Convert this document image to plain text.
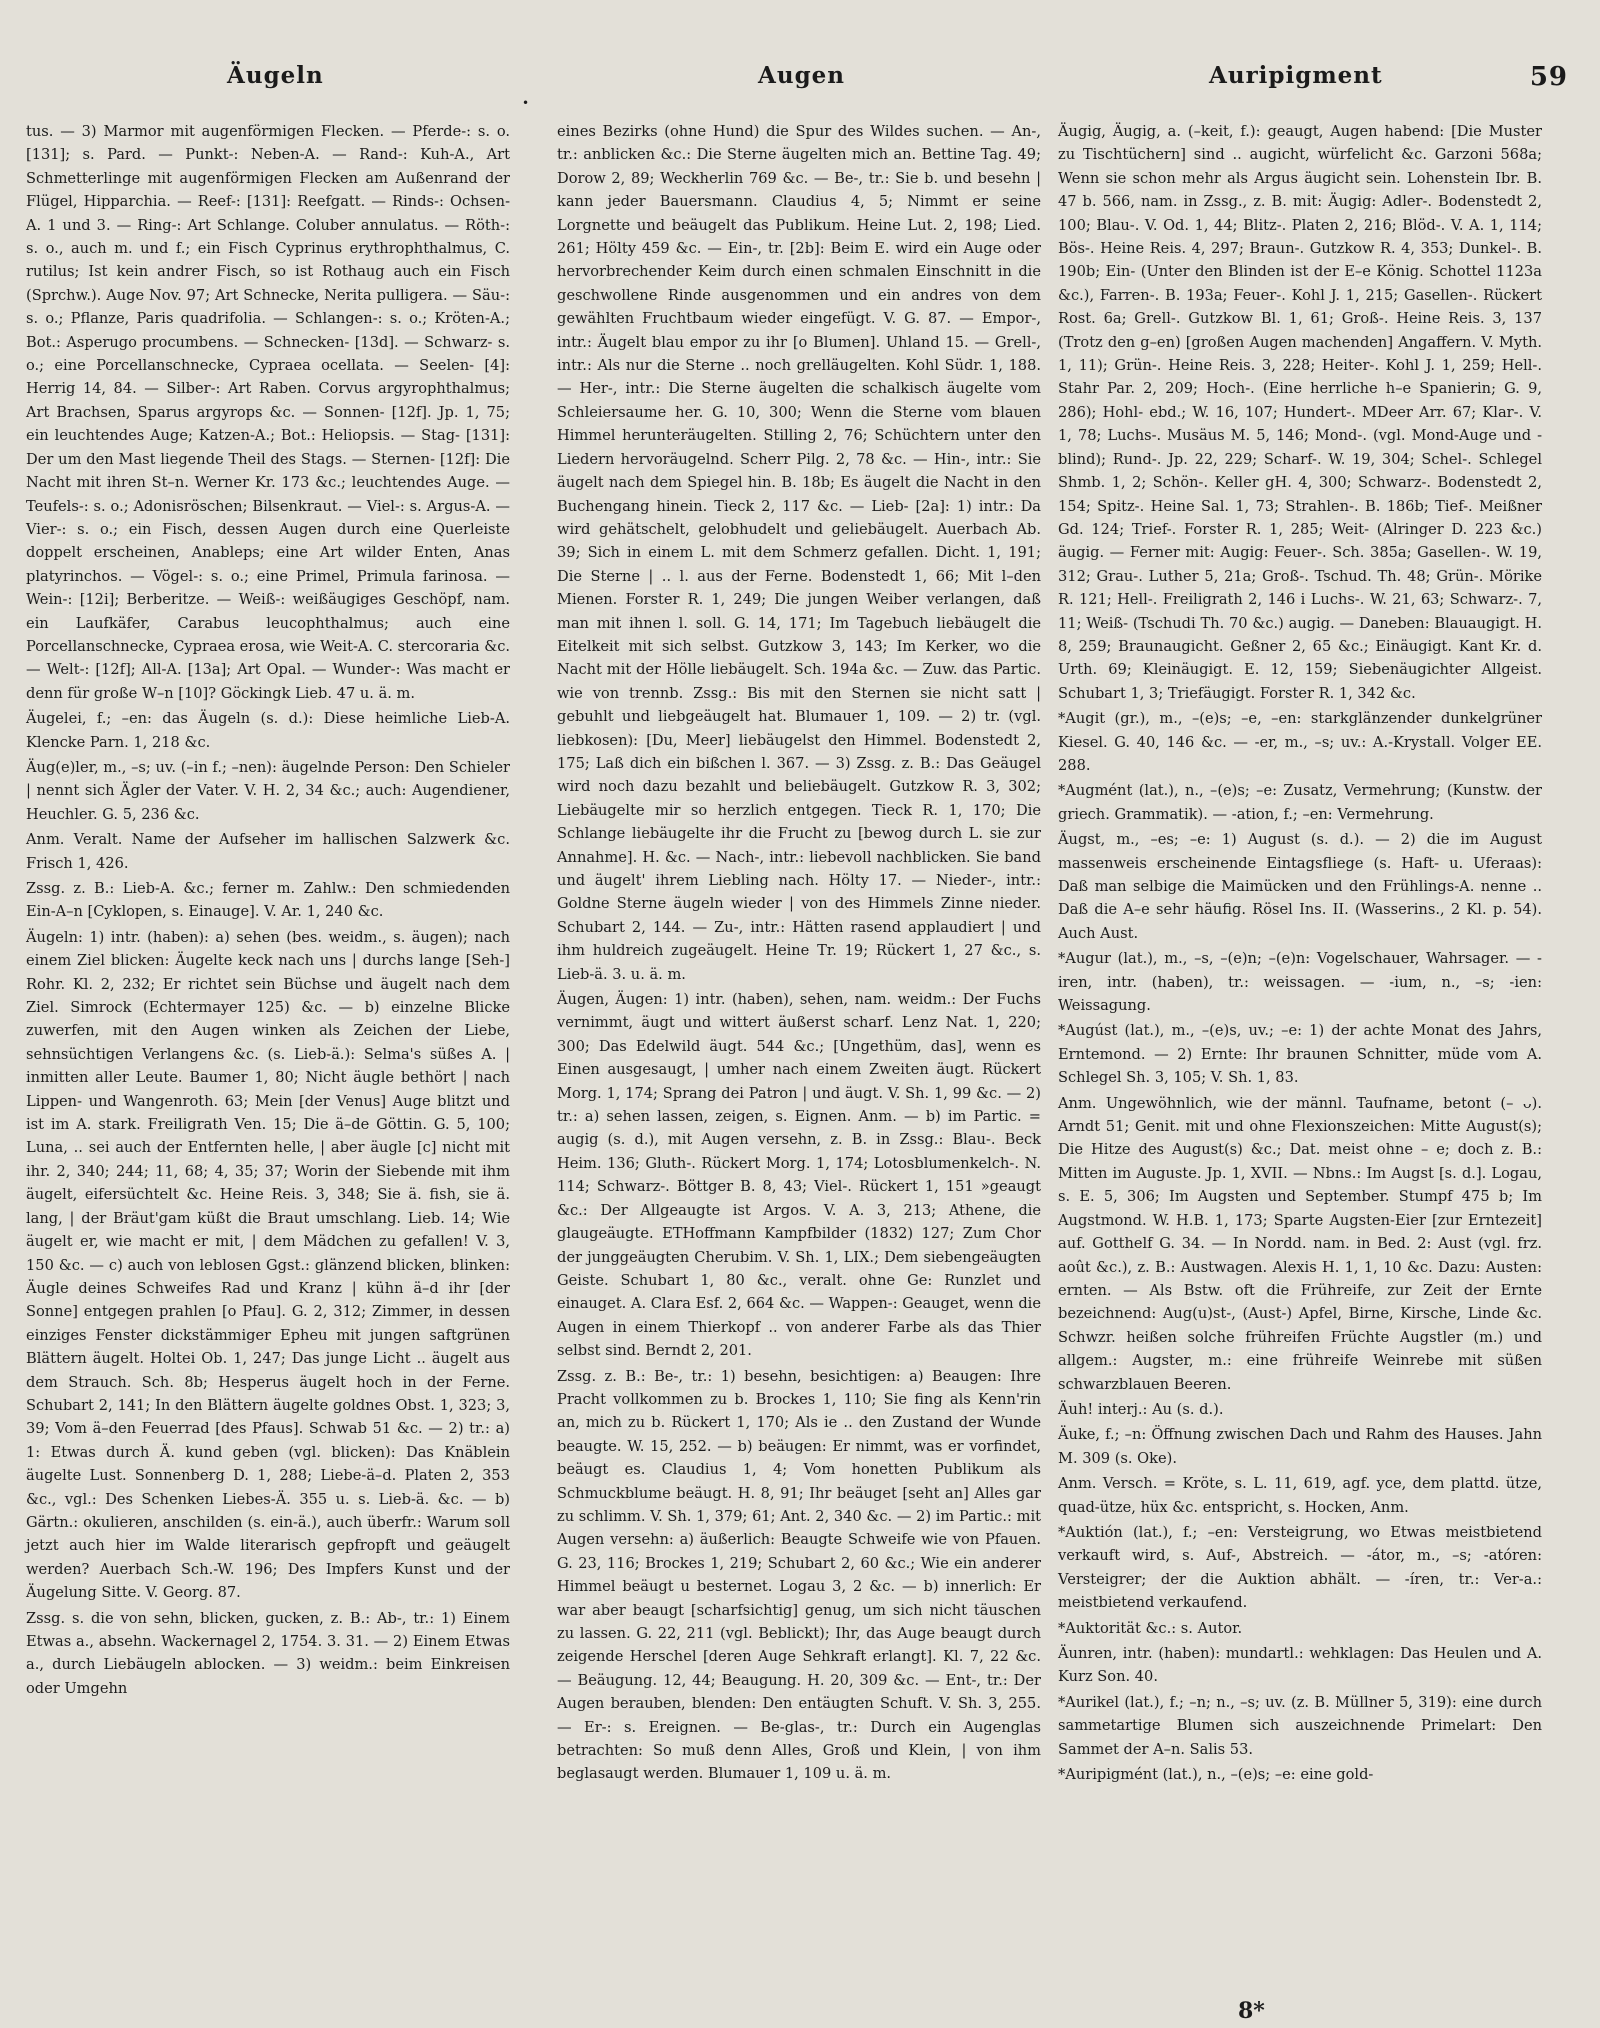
Äugeln	Augen	Auripigment	59
•

tus. — 3) Marmor mit augenförmigen Flecken. — Pferde-: s. o. [131]; s. Pard. — Punkt-: Neben-A. — Rand-: Kuh-A., Art Schmetterlinge mit augenförmigen Flecken am Außenrand der Flügel, Hipparchia. — Reef-: [131]: Reefgatt. — Rinds-: Ochsen-A. 1 und 3. — Ring-: Art Schlange. Coluber annulatus. — Röth-: s. o., auch m. und f.; ein Fisch Cyprinus erythrophthalmus, C. rutilus; Ist kein andrer Fisch, so ist Rothaug auch ein Fisch (Sprchw.). Auge Nov. 97; Art Schnecke, Nerita pulligera. — Säu-: s. o.; Pflanze, Paris quadrifolia. — Schlangen-: s. o.; Kröten-A.; Bot.: Asperugo procumbens. — Schnecken- [13d]. — Schwarz- s. o.; eine Porcellanschnecke, Cypraea ocellata. — Seelen- [4]: Herrig 14, 84. — Silber-: Art Raben. Corvus argyrophthalmus; Art Brachsen, Sparus argyrops &c. — Sonnen- [12f]. Jp. 1, 75; ein leuchtendes Auge; Katzen-A.; Bot.: Heliopsis. — Stag- [131]: Der um den Mast liegende Theil des Stags. — Sternen- [12f]: Die Nacht mit ihren St–n. Werner Kr. 173 &c.; leuchtendes Auge. — Teufels-: s. o.; Adonisröschen; Bilsenkraut. — Viel-: s. Argus-A. — Vier-: s. o.; ein Fisch, dessen Augen durch eine Querleiste doppelt erscheinen, Anableps; eine Art wilder Enten, Anas platyrinchos. — Vögel-: s. o.; eine Primel, Primula farinosa. — Wein-: [12i]; Berberitze. — Weiß-: weißäugiges Geschöpf, nam. ein Laufkäfer, Carabus leucophthalmus; auch eine Porcellanschnecke, Cypraea erosa, wie Weit-A. C. stercoraria &c. — Welt-: [12f]; All-A. [13a]; Art Opal. — Wunder-: Was macht er denn für große W–n [10]? Göckingk Lieb. 47 u. ä. m.

Äugelei, f.; –en: das Äugeln (s. d.): Diese heimliche Lieb-A. Klencke Parn. 1, 218 &c.

Äug(e)ler, m., –s; uv. (–in f.; –nen): äugelnde Person: Den Schieler | nennt sich Ägler der Vater. V. H. 2, 34 &c.; auch: Augendiener, Heuchler. G. 5, 236 &c.

Anm. Veralt. Name der Aufseher im hallischen Salzwerk &c. Frisch 1, 426.

Zssg. z. B.: Lieb-A. &c.; ferner m. Zahlw.: Den schmiedenden Ein-A–n [Cyklopen, s. Einauge]. V. Ar. 1, 240 &c.

Äugeln: 1) intr. (haben): a) sehen (bes. weidm., s. äugen); nach einem Ziel blicken: Äugelte keck nach uns | durchs lange [Seh-] Rohr. Kl. 2, 232; Er richtet sein Büchse und äugelt nach dem Ziel. Simrock (Echtermayer 125) &c. — b) einzelne Blicke zuwerfen, mit den Augen winken als Zeichen der Liebe, sehnsüchtigen Verlangens &c. (s. Lieb-ä.): Selma's süßes A. | inmitten aller Leute. Baumer 1, 80; Nicht äugle bethört | nach Lippen- und Wangenroth. 63; Mein [der Venus] Auge blitzt und ist im A. stark. Freiligrath Ven. 15; Die ä–de Göttin. G. 5, 100; Luna, .. sei auch der Entfernten helle, | aber äugle [c] nicht mit ihr. 2, 340; 244; 11, 68; 4, 35; 37; Worin der Siebende mit ihm äugelt, eifersüchtelt &c. Heine Reis. 3, 348; Sie ä. fish, sie ä. lang, | der Bräut'gam küßt die Braut umschlang. Lieb. 14; Wie äugelt er, wie macht er mit, | dem Mädchen zu gefallen! V. 3, 150 &c. — c) auch von leblosen Ggst.: glänzend blicken, blinken: Äugle deines Schweifes Rad und Kranz | kühn ä–d ihr [der Sonne] entgegen prahlen [o Pfau]. G. 2, 312; Zimmer, in dessen einziges Fenster dickstämmiger Epheu mit jungen saftgrünen Blättern äugelt. Holtei Ob. 1, 247; Das junge Licht .. äugelt aus dem Strauch. Sch. 8b; Hesperus äugelt hoch in der Ferne. Schubart 2, 141; In den Blättern äugelte goldnes Obst. 1, 323; 3, 39; Vom ä–den Feuerrad [des Pfaus]. Schwab 51 &c. — 2) tr.: a) 1: Etwas durch Ä. kund geben (vgl. blicken): Das Knäblein äugelte Lust. Sonnenberg D. 1, 288; Liebe-ä–d. Platen 2, 353 &c., vgl.: Des Schenken Liebes-Ä. 355 u. s. Lieb-ä. &c. — b) Gärtn.: okulieren, anschilden (s. ein-ä.), auch überfr.: Warum soll jetzt auch hier im Walde literarisch gepfropft und geäugelt werden? Auerbach Sch.-W. 196; Des Impfers Kunst und der Äugelung Sitte. V. Georg. 87.

Zssg. s. die von sehn, blicken, gucken, z. B.: Ab-, tr.: 1) Einem Etwas a., absehn. Wackernagel 2, 1754. 3. 31. — 2) Einem Etwas a., durch Liebäugeln ablocken. — 3) weidm.: beim Einkreisen oder Umgehn

eines Bezirks (ohne Hund) die Spur des Wildes suchen. — An-, tr.: anblicken &c.: Die Sterne äugelten mich an. Bettine Tag. 49; Dorow 2, 89; Weckherlin 769 &c. — Be-, tr.: Sie b. und besehn | kann jeder Bauersmann. Claudius 4, 5; Nimmt er seine Lorgnette und beäugelt das Publikum. Heine Lut. 2, 198; Lied. 261; Hölty 459 &c. — Ein-, tr. [2b]: Beim E. wird ein Auge oder hervorbrechender Keim durch einen schmalen Einschnitt in die geschwollene Rinde ausgenommen und ein andres von dem gewählten Fruchtbaum wieder eingefügt. V. G. 87. — Empor-, intr.: Äugelt blau empor zu ihr [o Blumen]. Uhland 15. — Grell-, intr.: Als nur die Sterne .. noch grelläugelten. Kohl Südr. 1, 188. — Her-, intr.: Die Sterne äugelten die schalkisch äugelte vom Schleiersaume her. G. 10, 300; Wenn die Sterne vom blauen Himmel herunteräugelten. Stilling 2, 76; Schüchtern unter den Liedern hervoräugelnd. Scherr Pilg. 2, 78 &c. — Hin-, intr.: Sie äugelt nach dem Spiegel hin. B. 18b; Es äugelt die Nacht in den Buchengang hinein. Tieck 2, 117 &c. — Lieb- [2a]: 1) intr.: Da wird gehätschelt, gelobhudelt und geliebäugelt. Auerbach Ab. 39; Sich in einem L. mit dem Schmerz gefallen. Dicht. 1, 191; Die Sterne | .. l. aus der Ferne. Bodenstedt 1, 66; Mit l–den Mienen. Forster R. 1, 249; Die jungen Weiber verlangen, daß man mit ihnen l. soll. G. 14, 171; Im Tagebuch liebäugelt die Eitelkeit mit sich selbst. Gutzkow 3, 143; Im Kerker, wo die Nacht mit der Hölle liebäugelt. Sch. 194a &c. — Zuw. das Partic. wie von trennb. Zssg.: Bis mit den Sternen sie nicht satt | gebuhlt und liebgeäugelt hat. Blumauer 1, 109. — 2) tr. (vgl. liebkosen): [Du, Meer] liebäugelst den Himmel. Bodenstedt 2, 175; Laß dich ein bißchen l. 367. — 3) Zssg. z. B.: Das Geäugel wird noch dazu bezahlt und beliebäugelt. Gutzkow R. 3, 302; Liebäugelte mir so herzlich entgegen. Tieck R. 1, 170; Die Schlange liebäugelte ihr die Frucht zu [bewog durch L. sie zur Annahme]. H. &c. — Nach-, intr.: liebevoll nachblicken. Sie band und äugelt' ihrem Liebling nach. Hölty 17. — Nieder-, intr.: Goldne Sterne äugeln wieder | von des Himmels Zinne nieder. Schubart 2, 144. — Zu-, intr.: Hätten rasend applaudiert | und ihm huldreich zugeäugelt. Heine Tr. 19; Rückert 1, 27 &c., s. Lieb-ä. 3. u. ä. m.

Äugen, Äugen: 1) intr. (haben), sehen, nam. weidm.: Der Fuchs vernimmt, äugt und wittert äußerst scharf. Lenz Nat. 1, 220; 300; Das Edelwild äugt. 544 &c.; [Ungethüm, das], wenn es Einen ausgesaugt, | umher nach einem Zweiten äugt. Rückert Morg. 1, 174; Sprang dei Patron | und äugt. V. Sh. 1, 99 &c. — 2) tr.: a) sehen lassen, zeigen, s. Eignen. Anm. — b) im Partic. = augig (s. d.), mit Augen versehn, z. B. in Zssg.: Blau-. Beck Heim. 136; Gluth-. Rückert Morg. 1, 174; Lotosblumenkelch-. N. 114; Schwarz-. Böttger B. 8, 43; Viel-. Rückert 1, 151 »geaugt &c.: Der Allgeaugte ist Argos. V. A. 3, 213; Athene, die glaugeäugte. ETHoffmann Kampfbilder (1832) 127; Zum Chor der junggeäugten Cherubim. V. Sh. 1, LIX.; Dem siebengeäugten Geiste. Schubart 1, 80 &c., veralt. ohne Ge: Runzlet und einauget. A. Clara Esf. 2, 664 &c. — Wappen-: Geauget, wenn die Augen in einem Thierkopf .. von anderer Farbe als das Thier selbst sind. Berndt 2, 201.

Zssg. z. B.: Be-, tr.: 1) besehn, besichtigen: a) Beaugen: Ihre Pracht vollkommen zu b. Brockes 1, 110; Sie fing als Kenn'rin an, mich zu b. Rückert 1, 170; Als ie .. den Zustand der Wunde beaugte. W. 15, 252. — b) beäugen: Er nimmt, was er vorfindet, beäugt es. Claudius 1, 4; Vom honetten Publikum als Schmuckblume beäugt. H. 8, 91; Ihr beäuget [seht an] Alles gar zu schlimm. V. Sh. 1, 379; 61; Ant. 2, 340 &c. — 2) im Partic.: mit Augen versehn: a) äußerlich: Beaugte Schweife wie von Pfauen. G. 23, 116; Brockes 1, 219; Schubart 2, 60 &c.; Wie ein anderer Himmel beäugt u besternet. Logau 3, 2 &c. — b) innerlich: Er war aber beaugt [scharfsichtig] genug, um sich nicht täuschen zu lassen. G. 22, 211 (vgl. Beblickt); Ihr, das Auge beaugt durch zeigende Herschel [deren Auge Sehkraft erlangt]. Kl. 7, 22 &c. — Beäugung. 12, 44; Beaugung. H. 20, 309 &c. — Ent-, tr.: Der Augen berauben, blenden: Den entäugten Schuft. V. Sh. 3, 255. — Er-: s. Ereignen. — Be-glas-, tr.: Durch ein Augenglas betrachten: So muß denn Alles, Groß und Klein, | von ihm beglasaugt werden. Blumauer 1, 109 u. ä. m.

Äugig, Äugig, a. (–keit, f.): geaugt, Augen habend: [Die Muster zu Tischtüchern] sind .. augicht, würfelicht &c. Garzoni 568a; Wenn sie schon mehr als Argus äugicht sein. Lohenstein Ibr. B. 47 b. 566, nam. in Zssg., z. B. mit: Äugig: Adler-. Bodenstedt 2, 100; Blau-. V. Od. 1, 44; Blitz-. Platen 2, 216; Blöd-. V. A. 1, 114; Bös-. Heine Reis. 4, 297; Braun-. Gutzkow R. 4, 353; Dunkel-. B. 190b; Ein- (Unter den Blinden ist der E–e König. Schottel 1123a &c.), Farren-. B. 193a; Feuer-. Kohl J. 1, 215; Gasellen-. Rückert Rost. 6a; Grell-. Gutzkow Bl. 1, 61; Groß-. Heine Reis. 3, 137 (Trotz den g–en) [großen Augen machenden] Angaffern. V. Myth. 1, 11); Grün-. Heine Reis. 3, 228; Heiter-. Kohl J. 1, 259; Hell-. Stahr Par. 2, 209; Hoch-. (Eine herrliche h–e Spanierin; G. 9, 286); Hohl- ebd.; W. 16, 107; Hundert-. MDeer Arr. 67; Klar-. V. 1, 78; Luchs-. Musäus M. 5, 146; Mond-. (vgl. Mond-Auge und -blind); Rund-. Jp. 22, 229; Scharf-. W. 19, 304; Schel-. Schlegel Shmb. 1, 2; Schön-. Keller gH. 4, 300; Schwarz-. Bodenstedt 2, 154; Spitz-. Heine Sal. 1, 73; Strahlen-. B. 186b; Tief-. Meißner Gd. 124; Trief-. Forster R. 1, 285; Weit- (Alringer D. 223 &c.) äugig. — Ferner mit: Augig: Feuer-. Sch. 385a; Gasellen-. W. 19, 312; Grau-. Luther 5, 21a; Groß-. Tschud. Th. 48; Grün-. Mörike R. 121; Hell-. Freiligrath 2, 146 i Luchs-. W. 21, 63; Schwarz-. 7, 11; Weiß- (Tschudi Th. 70 &c.) augig. — Daneben: Blauaugigt. H. 8, 259; Braunaugicht. Geßner 2, 65 &c.; Einäugigt. Kant Kr. d. Urth. 69; Kleinäugigt. E. 12, 159; Siebenäugichter Allgeist. Schubart 1, 3; Triefäugigt. Forster R. 1, 342 &c.

*Augit (gr.), m., –(e)s; –e, –en: starkglänzender dunkelgrüner Kiesel. G. 40, 146 &c. — -er, m., –s; uv.: A.-Krystall. Volger EE. 288.

*Augmént (lat.), n., –(e)s; –e: Zusatz, Vermehrung; (Kunstw. der griech. Grammatik). — -ation, f.; –en: Vermehrung.

Äugst, m., –es; –e: 1) August (s. d.). — 2) die im August massenweis erscheinende Eintagsfliege (s. Haft- u. Uferaas): Daß man selbige die Maimücken und den Frühlings-A. nenne .. Daß die A–e sehr häufig. Rösel Ins. II. (Wasserins., 2 Kl. p. 54). Auch Aust.

*Augur (lat.), m., –s, –(e)n; –(e)n: Vogelschauer, Wahrsager. — -iren, intr. (haben), tr.: weissagen. — -ium, n., –s; -ien: Weissagung.

*Augúst (lat.), m., –(e)s, uv.; –e: 1) der achte Monat des Jahrs, Erntemond. — 2) Ernte: Ihr braunen Schnitter, müde vom A. Schlegel Sh. 3, 105; V. Sh. 1, 83.

Anm. Ungewöhnlich, wie der männl. Taufname, betont (– ᴗ). Arndt 51; Genit. mit und ohne Flexionszeichen: Mitte August(s); Die Hitze des August(s) &c.; Dat. meist ohne – e; doch z. B.: Mitten im Auguste. Jp. 1, XVII. — Nbns.: Im Augst [s. d.]. Logau, s. E. 5, 306; Im Augsten und September. Stumpf 475 b; Im Augstmond. W. H.B. 1, 173; Sparte Augsten-Eier [zur Erntezeit] auf. Gotthelf G. 34. — In Nordd. nam. in Bed. 2: Aust (vgl. frz. août &c.), z. B.: Austwagen. Alexis H. 1, 1, 10 &c. Dazu: Austen: ernten. — Als Bstw. oft die Frühreife, zur Zeit der Ernte bezeichnend: Aug(u)st-, (Aust-) Apfel, Birne, Kirsche, Linde &c. Schwzr. heißen solche frühreifen Früchte Augstler (m.) und allgem.: Augster, m.: eine frühreife Weinrebe mit süßen schwarzblauen Beeren.

Äuh! interj.: Au (s. d.).

Äuke, f.; –n: Öffnung zwischen Dach und Rahm des Hauses. Jahn M. 309 (s. Oke).

Anm. Versch. = Kröte, s. L. 11, 619, agf. yce, dem plattd. ütze, quad-ütze, hüx &c. entspricht, s. Hocken, Anm.

*Auktión (lat.), f.; –en: Versteigrung, wo Etwas meistbietend verkauft wird, s. Auf-, Abstreich. — -átor, m., –s; -atóren: Versteigrer; der die Auktion abhält. — -íren, tr.: Ver-a.: meistbietend verkaufend.

*Auktorität &c.: s. Autor.

Äunren, intr. (haben): mundartl.: wehklagen: Das Heulen und A. Kurz Son. 40.

*Aurikel (lat.), f.; –n; n., –s; uv. (z. B. Müllner 5, 319): eine durch sammetartige Blumen sich auszeichnende Primelart: Den Sammet der A–n. Salis 53.

*Auripigmént (lat.), n., –(e)s; –e: eine gold-

8*
